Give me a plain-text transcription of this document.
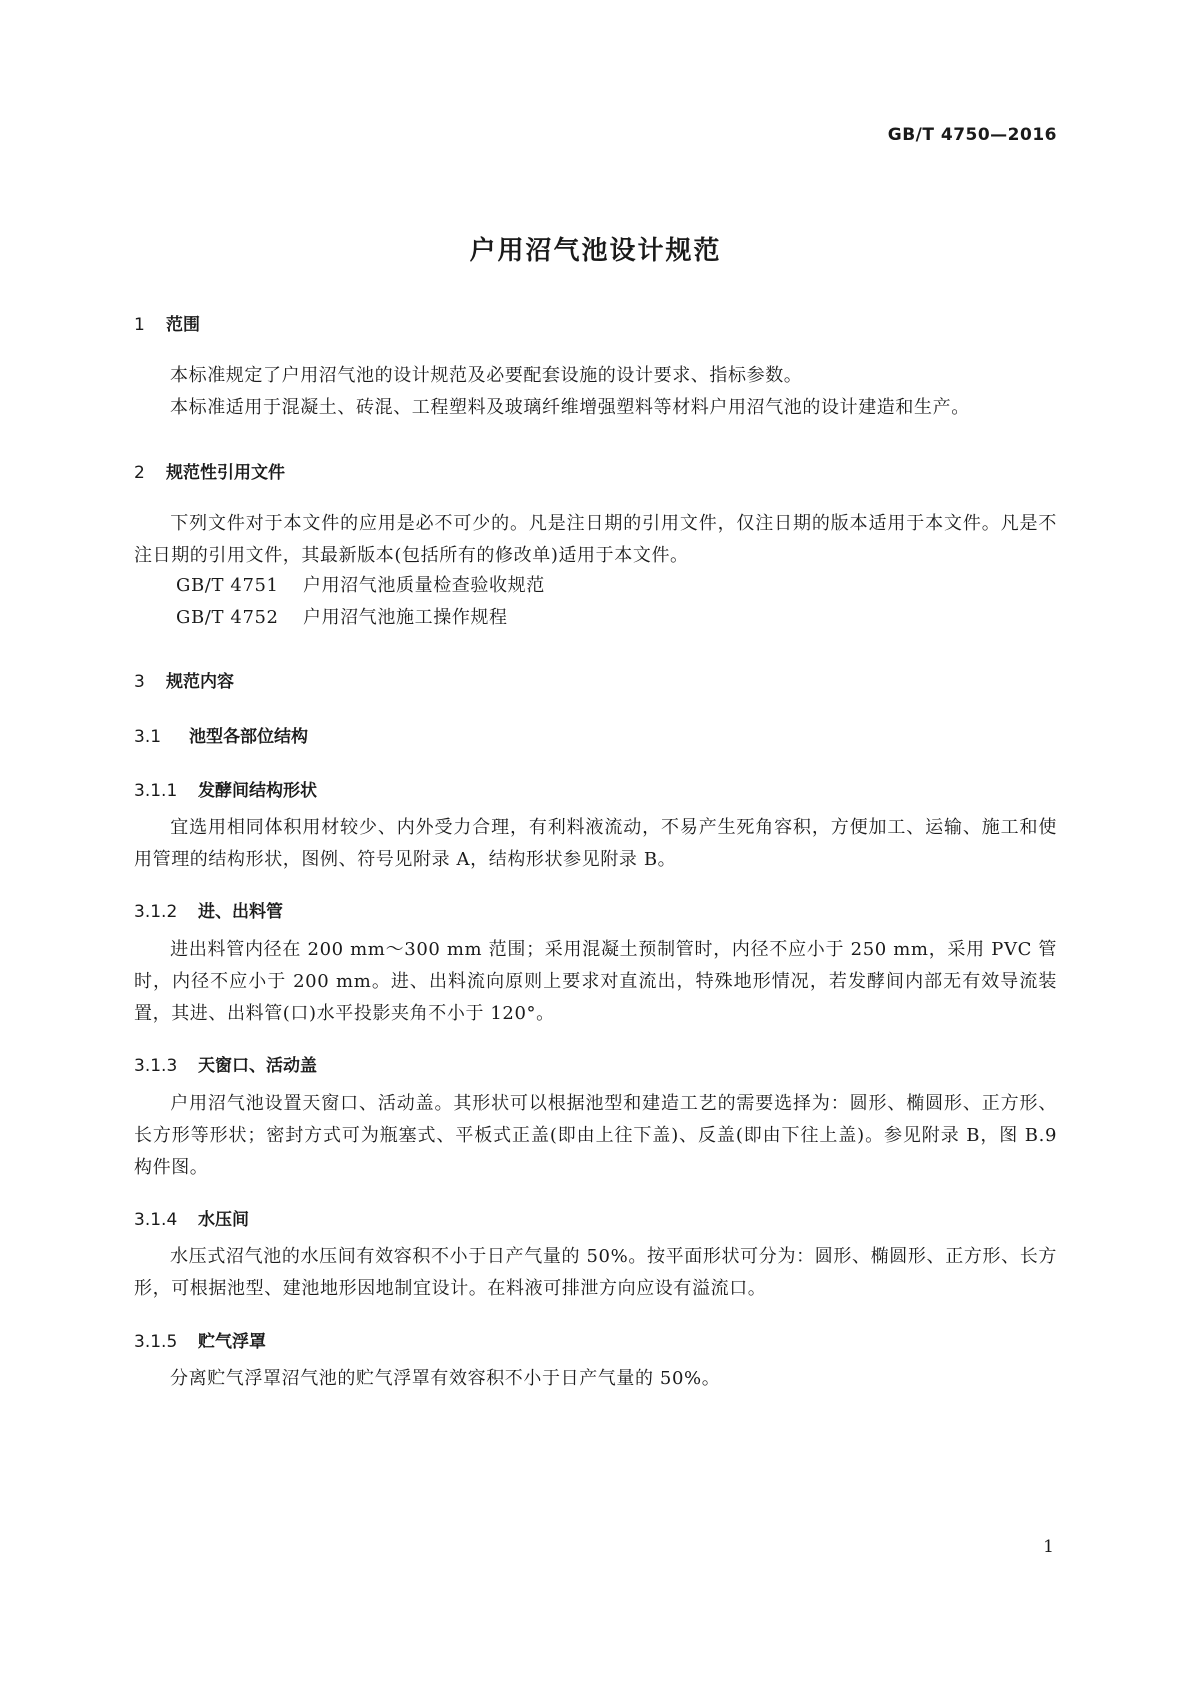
GB/T 4750—2016
户用沼气池设计规范
1 范围
本标准规定了户用沼气池的设计规范及必要配套设施的设计要求、指标参数。
本标准适用于混凝土、砖混、工程塑料及玻璃纤维增强塑料等材料户用沼气池的设计建造和生产。
2 规范性引用文件
下列文件对于本文件的应用是必不可少的。凡是注日期的引用文件，仅注日期的版本适用于本文件。凡是不注日期的引用文件，其最新版本(包括所有的修改单)适用于本文件。
GB/T 4751 户用沼气池质量检查验收规范
GB/T 4752 户用沼气池施工操作规程
3 规范内容
3.1 池型各部位结构
3.1.1 发酵间结构形状
宜选用相同体积用材较少、内外受力合理，有利料液流动，不易产生死角容积，方便加工、运输、施工和使用管理的结构形状，图例、符号见附录 A，结构形状参见附录 B。
3.1.2 进、出料管
进出料管内径在 200 mm～300 mm 范围；采用混凝土预制管时，内径不应小于 250 mm，采用 PVC 管时，内径不应小于 200 mm。进、出料流向原则上要求对直流出，特殊地形情况，若发酵间内部无有效导流装置，其进、出料管(口)水平投影夹角不小于 120°。
3.1.3 天窗口、活动盖
户用沼气池设置天窗口、活动盖。其形状可以根据池型和建造工艺的需要选择为：圆形、椭圆形、正方形、长方形等形状；密封方式可为瓶塞式、平板式正盖(即由上往下盖)、反盖(即由下往上盖)。参见附录 B，图 B.9 构件图。
3.1.4 水压间
水压式沼气池的水压间有效容积不小于日产气量的 50%。按平面形状可分为：圆形、椭圆形、正方形、长方形，可根据池型、建池地形因地制宜设计。在料液可排泄方向应设有溢流口。
3.1.5 贮气浮罩
分离贮气浮罩沼气池的贮气浮罩有效容积不小于日产气量的 50%。
1
